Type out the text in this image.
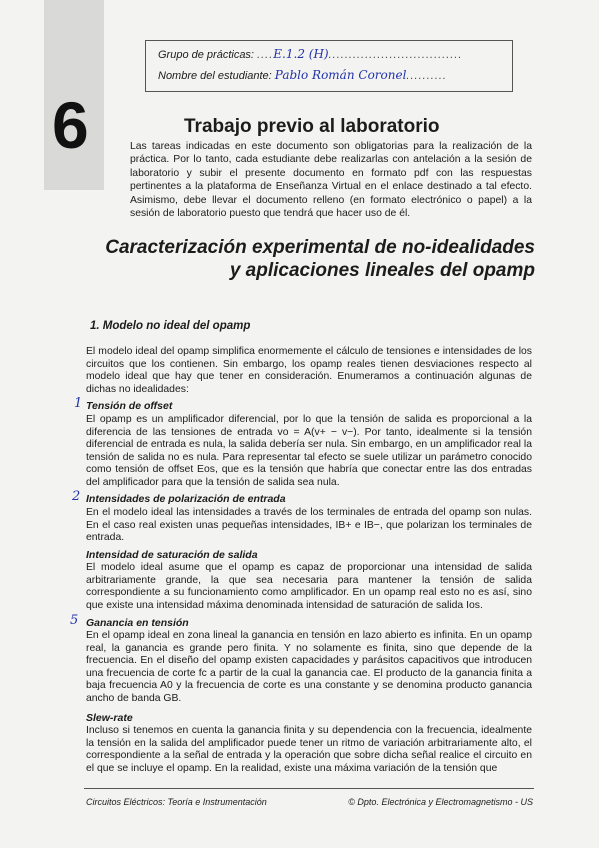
6
Grupo de prácticas: ....E.1.2 (H).................................
Nombre del estudiante: Pablo Román Coronel..........
Trabajo previo al laboratorio
Las tareas indicadas en este documento son obligatorias para la realización de la práctica. Por lo tanto, cada estudiante debe realizarlas con antelación a la sesión de laboratorio y subir el presente documento en formato pdf con las respuestas pertinentes a la plataforma de Enseñanza Virtual en el enlace destinado a tal efecto. Asimismo, debe llevar el documento relleno (en formato electrónico o papel) a la sesión de laboratorio puesto que tendrá que hacer uso de él.
Caracterización experimental de no-idealidades
y aplicaciones lineales del opamp
1. Modelo no ideal del opamp
El modelo ideal del opamp simplifica enormemente el cálculo de tensiones e intensidades de los circuitos que los contienen. Sin embargo, los opamp reales tienen desviaciones respecto al modelo ideal que hay que tener en consideración. Enumeramos a continuación algunas de dichas no idealidades:
1 Tensión de offset
El opamp es un amplificador diferencial, por lo que la tensión de salida es proporcional a la diferencia de las tensiones de entrada vo = A(v+ − v−). Por tanto, idealmente si la tensión diferencial de entrada es nula, la salida debería ser nula. Sin embargo, en un amplificador real la tensión de salida no es nula. Para representar tal efecto se suele utilizar un parámetro conocido como tensión de offset Eos, que es la tensión que habría que conectar entre las dos entradas del amplificador para que la tensión de salida sea nula.
2 Intensidades de polarización de entrada
En el modelo ideal las intensidades a través de los terminales de entrada del opamp son nulas. En el caso real existen unas pequeñas intensidades, IB+ e IB−, que polarizan los terminales de entrada.
Intensidad de saturación de salida
El modelo ideal asume que el opamp es capaz de proporcionar una intensidad de salida arbitrariamente grande, la que sea necesaria para mantener la tensión de salida correspondiente a su funcionamiento como amplificador. En un opamp real esto no es así, sino que existe una intensidad máxima denominada intensidad de saturación de salida Ios.
5 Ganancia en tensión
En el opamp ideal en zona lineal la ganancia en tensión en lazo abierto es infinita. En un opamp real, la ganancia es grande pero finita. Y no solamente es finita, sino que depende de la frecuencia. En el diseño del opamp existen capacidades y parásitos capacitivos que introducen una frecuencia de corte fc a partir de la cual la ganancia cae. El producto de la ganancia finita a baja frecuencia A0 y la frecuencia de corte es una constante y se denomina producto ganancia ancho de banda GB.
Slew-rate
Incluso si tenemos en cuenta la ganancia finita y su dependencia con la frecuencia, idealmente la tensión en la salida del amplificador puede tener un ritmo de variación arbitrariamente alto, el correspondiente a la señal de entrada y la operación que sobre dicha señal realice el circuito en el que se incluye el opamp. En la realidad, existe una máxima variación de la tensión que
Circuitos Eléctricos: Teoría e Instrumentación	© Dpto. Electrónica y Electromagnetismo - US
